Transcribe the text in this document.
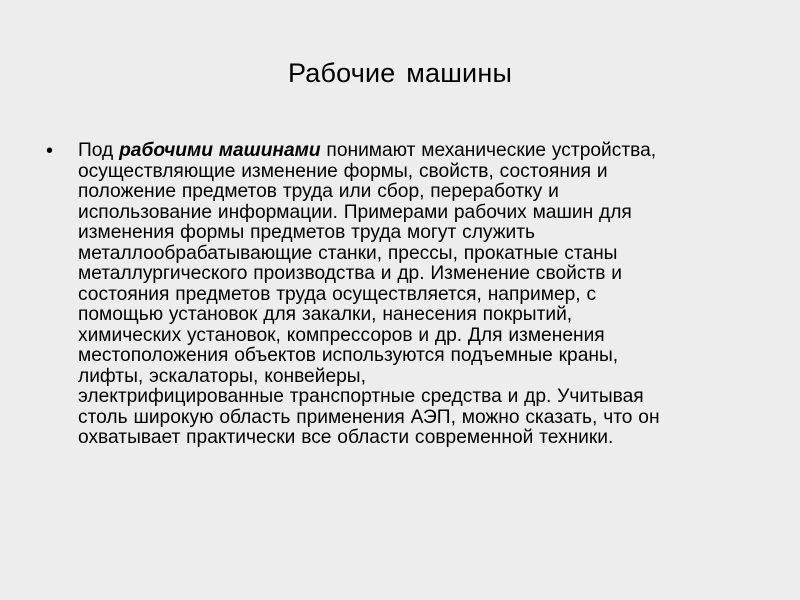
Рабочие машины
• Под рабочими машинами понимают механические устройства,
осуществляющие изменение формы, свойств, состояния и
положение предметов труда или сбор, переработку и
использование информации. Примерами рабочих машин для
изменения формы предметов труда могут служить
металлообрабатывающие станки, прессы, прокатные станы
металлургического производства и др. Изменение свойств и
состояния предметов труда осуществляется, например, с
помощью установок для закалки, нанесения покрытий,
химических установок, компрессоров и др. Для изменения
местоположения объектов используются подъемные краны,
лифты, эскалаторы, конвейеры,
электрифицированные транспортные средства и др. Учитывая
столь широкую область применения АЭП, можно сказать, что он
охватывает практически все области современной техники.
